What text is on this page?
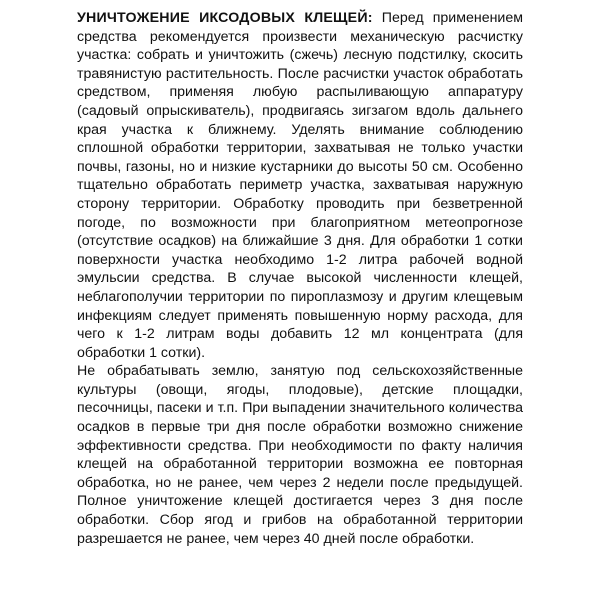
УНИЧТОЖЕНИЕ ИКСОДОВЫХ КЛЕЩЕЙ: Перед применением средства рекомендуется произвести механическую расчистку участка: собрать и уничтожить (сжечь) лесную подстилку, скосить травянистую растительность. После расчистки участок обработать средством, применяя любую распыливающую аппаратуру (садовый опрыскиватель), продвигаясь зигзагом вдоль дальнего края участка к ближнему. Уделять внимание соблюдению сплошной обработки территории, захватывая не только участки почвы, газоны, но и низкие кустарники до высоты 50 см. Особенно тщательно обработать периметр участка, захватывая наружную сторону территории. Обработку проводить при безветренной погоде, по возможности при благоприятном метеопрогнозе (отсутствие осадков) на ближайшие 3 дня. Для обработки 1 сотки поверхности участка необходимо 1-2 литра рабочей водной эмульсии средства. В случае высокой численности клещей, неблагополучии территории по пироплазмозу и другим клещевым инфекциям следует применять повышенную норму расхода, для чего к 1-2 литрам воды добавить 12 мл концентрата (для обработки 1 сотки).

Не обрабатывать землю, занятую под сельскохозяйственные культуры (овощи, ягоды, плодовые), детские площадки, песочницы, пасеки и т.п. При выпадении значительного количества осадков в первые три дня после обработки возможно снижение эффективности средства. При необходимости по факту наличия клещей на обработанной территории возможна ее повторная обработка, но не ранее, чем через 2 недели после предыдущей. Полное уничтожение клещей достигается через 3 дня после обработки. Сбор ягод и грибов на обработанной территории разрешается не ранее, чем через 40 дней после обработки.
